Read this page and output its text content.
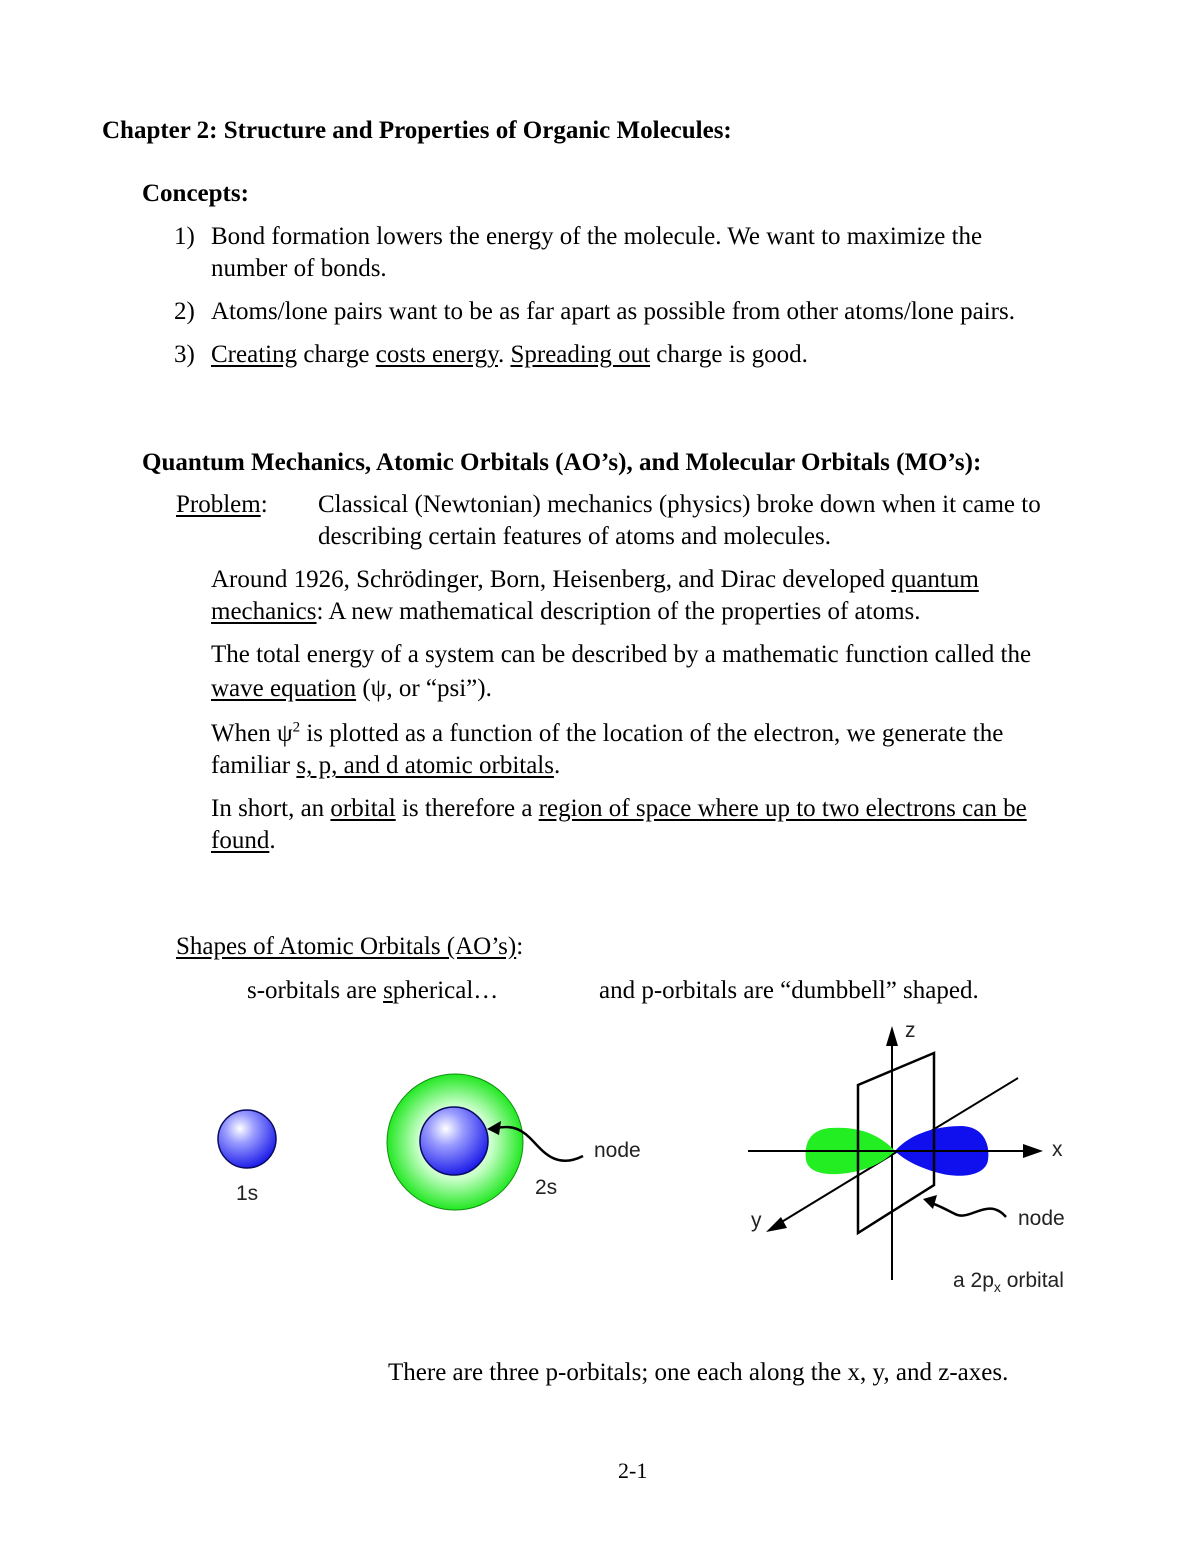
Chapter 2: Structure and Properties of Organic Molecules:
Concepts:
1) Bond formation lowers the energy of the molecule. We want to maximize the
number of bonds.
2) Atoms/lone pairs want to be as far apart as possible from other atoms/lone pairs.
3) Creating charge costs energy. Spreading out charge is good.
Quantum Mechanics, Atomic Orbitals (AO’s), and Molecular Orbitals (MO’s):
Problem: Classical (Newtonian) mechanics (physics) broke down when it came to
describing certain features of atoms and molecules.
Around 1926, Schrödinger, Born, Heisenberg, and Dirac developed quantum
mechanics: A new mathematical description of the properties of atoms.
The total energy of a system can be described by a mathematic function called the
wave equation (ψ, or “psi”).
When $\psi^2$ is plotted as a function of the location of the electron, we generate the
familiar s, p, and d atomic orbitals.
In short, an orbital is therefore a region of space where up to two electrons can be
found.
Shapes of Atomic Orbitals (AO’s):
s-orbitals are spherical…	and p-orbitals are “dumbbell” shaped.
1s	2s
node
z
x
y	node
a $2p_x$ orbital
There are three p-orbitals; one each along the x, y, and z-axes.
2-1
